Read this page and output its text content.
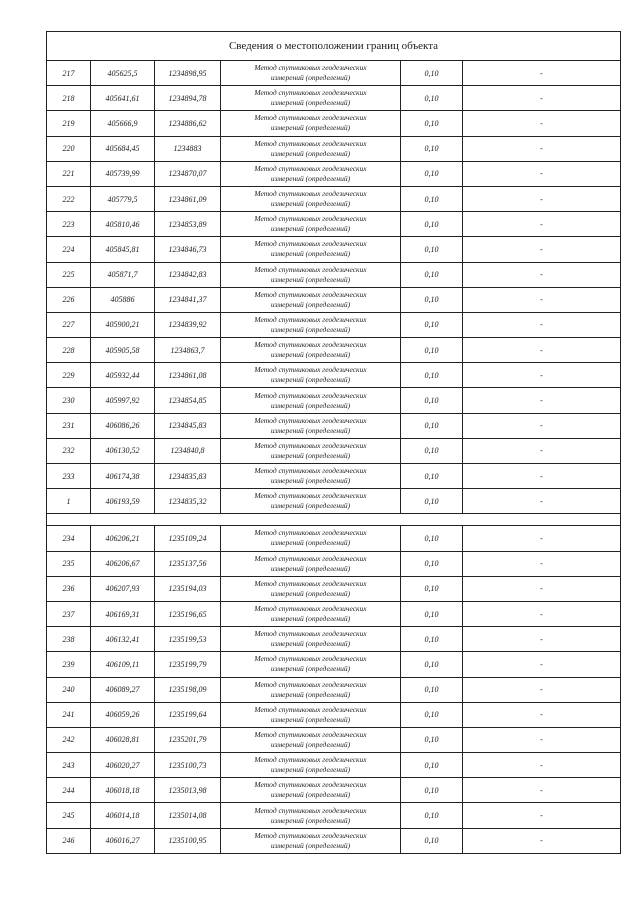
Сведения о местоположении границ объекта					
217	405625,5	1234898,95	Метод спутниковых геодезических
измерений (определений)	0,10	-
218	405641,61	1234894,78	Метод спутниковых геодезических
измерений (определений)	0,10	-
219	405666,9	1234886,62	Метод спутниковых геодезических
измерений (определений)	0,10	-
220	405684,45	1234883	Метод спутниковых геодезических
измерений (определений)	0,10	-
221	405739,99	1234870,07	Метод спутниковых геодезических
измерений (определений)	0,10	-
222	405779,5	1234861,09	Метод спутниковых геодезических
измерений (определений)	0,10	-
223	405810,46	1234853,89	Метод спутниковых геодезических
измерений (определений)	0,10	-
224	405845,81	1234846,73	Метод спутниковых геодезических
измерений (определений)	0,10	-
225	405871,7	1234842,83	Метод спутниковых геодезических
измерений (определений)	0,10	-
226	405886	1234841,37	Метод спутниковых геодезических
измерений (определений)	0,10	-
227	405900,21	1234839,92	Метод спутниковых геодезических
измерений (определений)	0,10	-
228	405905,58	1234863,7	Метод спутниковых геодезических
измерений (определений)	0,10	-
229	405932,44	1234861,08	Метод спутниковых геодезических
измерений (определений)	0,10	-
230	405997,92	1234854,85	Метод спутниковых геодезических
измерений (определений)	0,10	-
231	406086,26	1234845,83	Метод спутниковых геодезических
измерений (определений)	0,10	-
232	406130,52	1234840,8	Метод спутниковых геодезических
измерений (определений)	0,10	-
233	406174,38	1234835,83	Метод спутниковых геодезических
измерений (определений)	0,10	-
1	406193,59	1234835,32	Метод спутниковых геодезических
измерений (определений)	0,10	-

234	406206,21	1235109,24	Метод спутниковых геодезических
измерений (определений)	0,10	-
235	406206,67	1235137,56	Метод спутниковых геодезических
измерений (определений)	0,10	-
236	406207,93	1235194,03	Метод спутниковых геодезических
измерений (определений)	0,10	-
237	406169,31	1235196,65	Метод спутниковых геодезических
измерений (определений)	0,10	-
238	406132,41	1235199,53	Метод спутниковых геодезических
измерений (определений)	0,10	-
239	406109,11	1235199,79	Метод спутниковых геодезических
измерений (определений)	0,10	-
240	406089,27	1235198,09	Метод спутниковых геодезических
измерений (определений)	0,10	-
241	406059,26	1235199,64	Метод спутниковых геодезических
измерений (определений)	0,10	-
242	406028,81	1235201,79	Метод спутниковых геодезических
измерений (определений)	0,10	-
243	406020,27	1235100,73	Метод спутниковых геодезических
измерений (определений)	0,10	-
244	406018,18	1235013,98	Метод спутниковых геодезических
измерений (определений)	0,10	-
245	406014,18	1235014,08	Метод спутниковых геодезических
измерений (определений)	0,10	-
246	406016,27	1235100,95	Метод спутниковых геодезических
измерений (определений)	0,10	-
